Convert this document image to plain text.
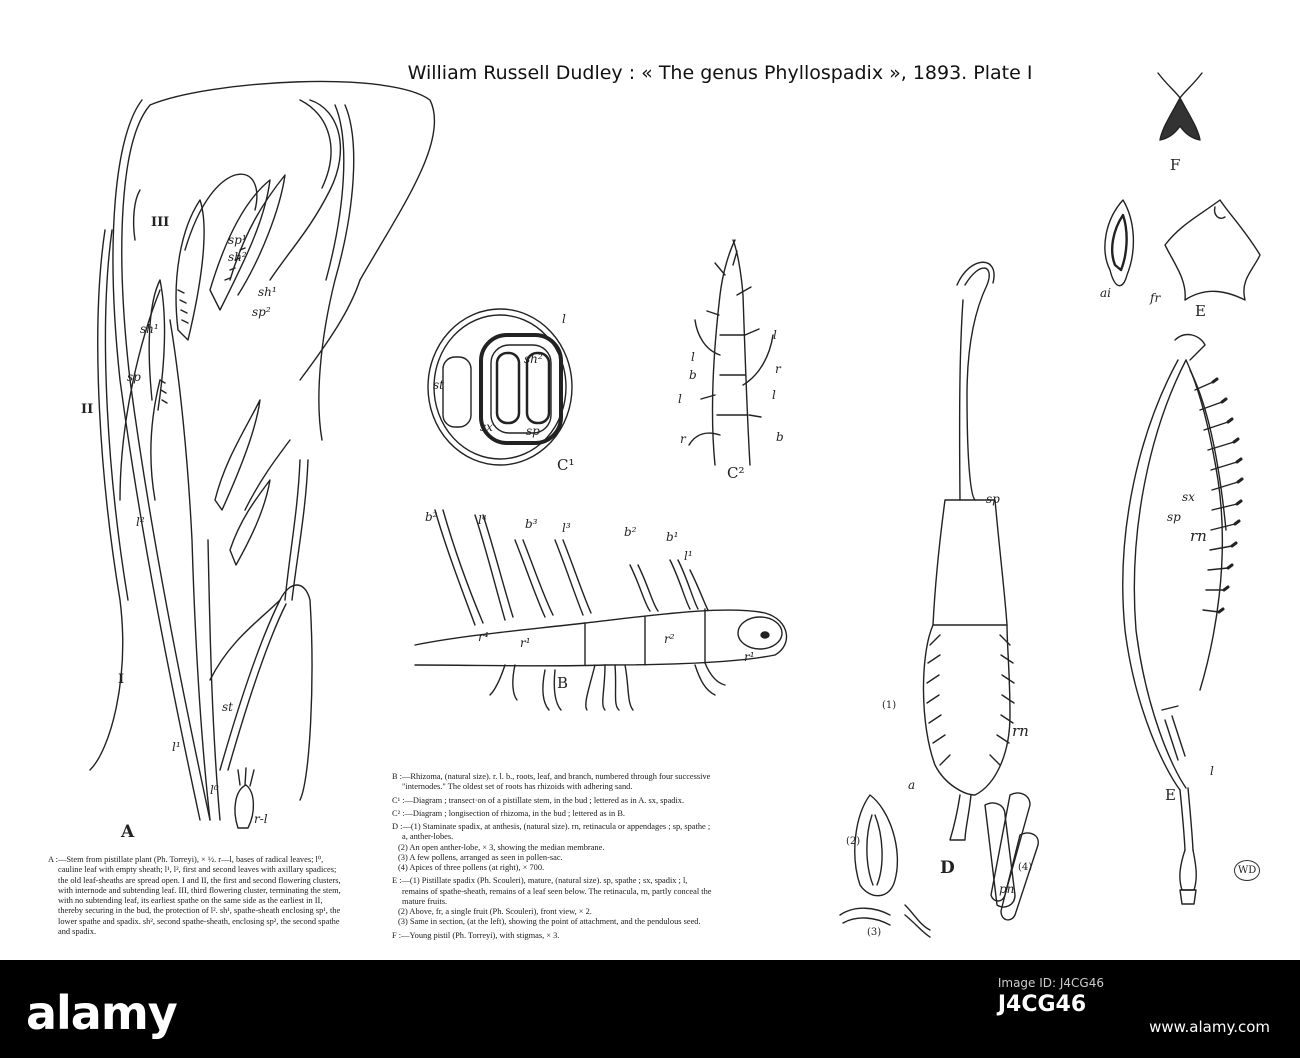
William Russell Dudley : « The genus Phyllospadix », 1893. Plate I
III
II
I
sp¹
sh²
sh¹
sp²
sh¹
sp
l²
st
l¹
l⁰
r-l
A

A :—Stem from pistillate plant (Ph. Torreyi), × ½. r—l, bases of radical leaves; l⁰, cauline leaf with empty sheath; l¹, l², first and second leaves with axillary spadices; the old leaf-sheaths are spread open. I and II, the first and second flowering clusters, with internode and subtending leaf. III, third flowering cluster, terminating the stem, with no subtending leaf, its earliest spathe on the same side as the earliest in II, thereby securing in the bud, the protection of l². sh¹, spathe-sheath enclosing sp¹, the lower spathe and spadix. sh², second spathe-sheath, enclosing sp², the second spathe and spadix.

l
st
sh²
sx	sp
C¹
l
b
l
r
l
r
l
b
C²
b²	l⁴	b³ l³	b² b¹
l¹
r⁴	r¹	r²
r¹
B

B :—Rhizoma, (natural size). r. l. b., roots, leaf, and branch, numbered through four successive "internodes." The oldest set of roots has rhizoids with adhering sand.

C¹ :—Diagram ; transect·on of a pistillate stem, in the bud ; lettered as in A. sx, spadix.

C² :—Diagram ; longisection of rhizoma, in the bud ; lettered as in B.

D :—(1) Staminate spadix, at anthesis, (natural size). rn, retinacula or appendages ; sp, spathe ; a, anther-lobes.

(2) An open anther-lobe, × 3, showing the median membrane.

(3) A few pollens, arranged as seen in pollen-sac.

(4) Apices of three pollens (at right), × 700.

E :—(1) Pistillate spadix (Ph. Scouleri), mature, (natural size). sp, spathe ; sx, spadix ; l, remains of spathe-sheath, remains of a leaf seen below. The retinacula, rn, partly conceal the mature fruits.

(2) Above, fr, a single fruit (Ph. Scouleri), front view, × 2.

(3) Same in section, (at the left), showing the point of attachment, and the pendulous seed.

F :—Young pistil (Ph. Torreyi), with stigmas, × 3.

sp
(1)
rn
a
(2)
D
pn
(4)
(3)
F
ai	fr
E
sx
sp
rn
l
E
WD
alamy
Image ID: J4CG46
J4CG46
www.alamy.com
